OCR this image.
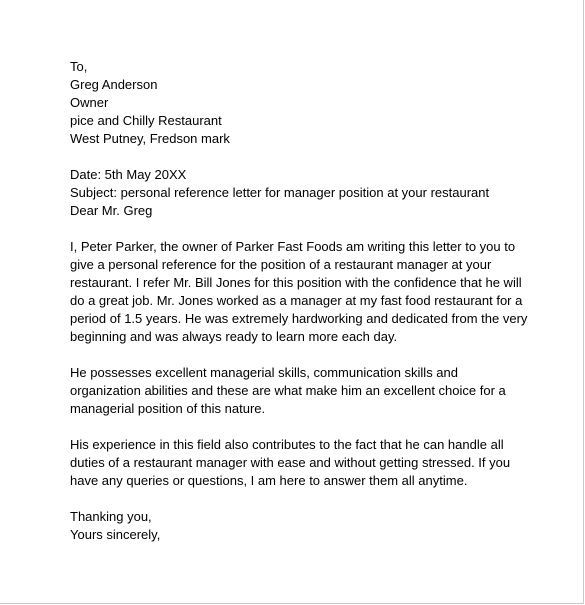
To,
Greg Anderson
Owner
pice and Chilly Restaurant
West Putney, Fredson mark
Date: 5th May 20XX
Subject: personal reference letter for manager position at your restaurant
Dear Mr. Greg
I, Peter Parker, the owner of Parker Fast Foods am writing this letter to you to
give a personal reference for the position of a restaurant manager at your
restaurant. I refer Mr. Bill Jones for this position with the confidence that he will
do a great job. Mr. Jones worked as a manager at my fast food restaurant for a
period of 1.5 years. He was extremely hardworking and dedicated from the very
beginning and was always ready to learn more each day.
He possesses excellent managerial skills, communication skills and
organization abilities and these are what make him an excellent choice for a
managerial position of this nature.
His experience in this field also contributes to the fact that he can handle all
duties of a restaurant manager with ease and without getting stressed. If you
have any queries or questions, I am here to answer them all anytime.
Thanking you,
Yours sincerely,
